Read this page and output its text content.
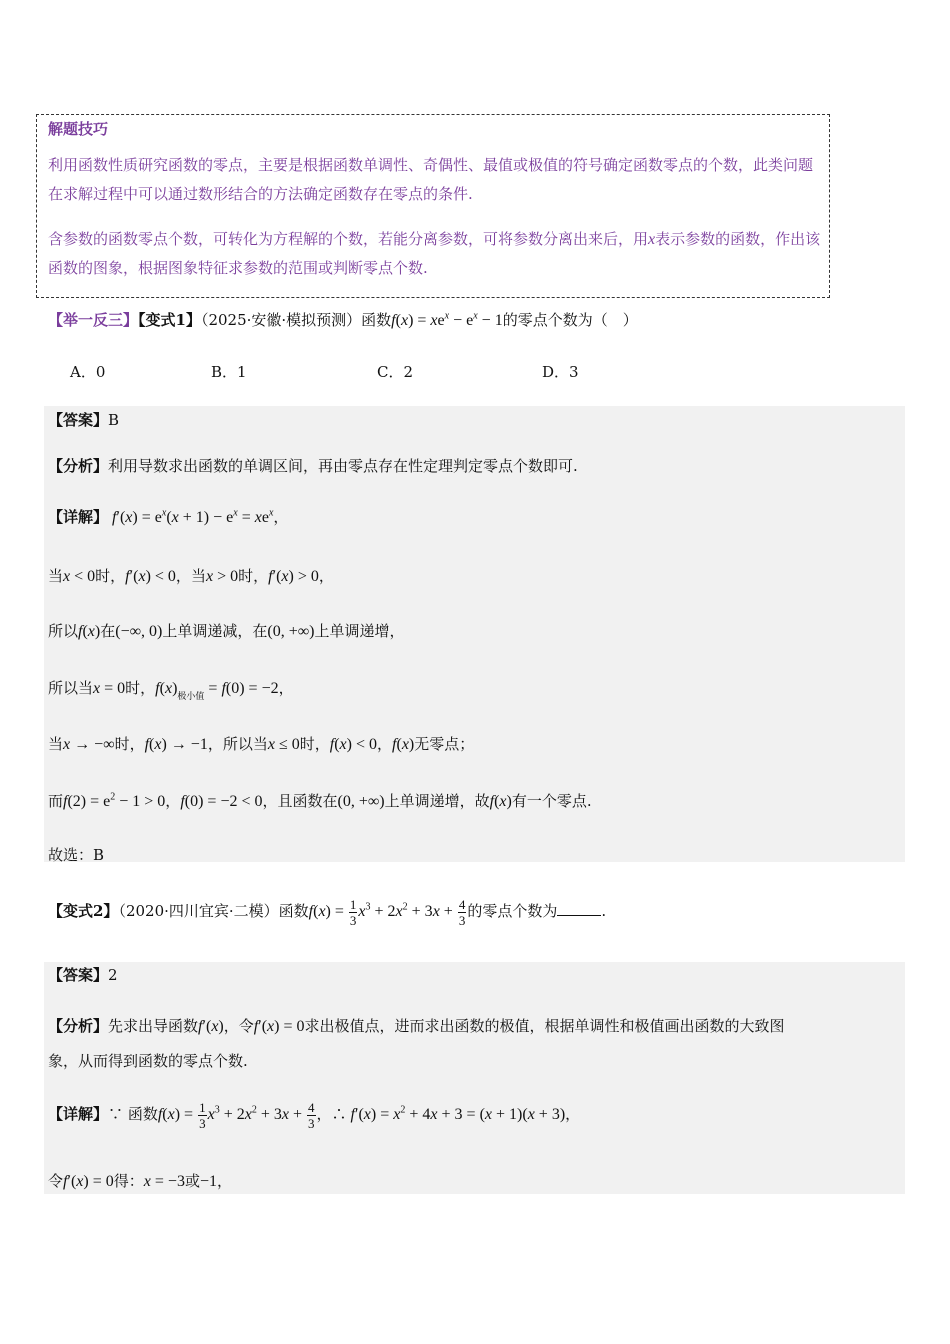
解题技巧
利用函数性质研究函数的零点，主要是根据函数单调性、奇偶性、最值或极值的符号确定函数零点的个数，此类问题在求解过程中可以通过数形结合的方法确定函数存在零点的条件.
含参数的函数零点个数，可转化为方程解的个数，若能分离参数，可将参数分离出来后，用x表示参数的函数，作出该函数的图象，根据图象特征求参数的范围或判断零点个数.
【举一反三】【变式1】（2025·安徽·模拟预测）函数$f(x) = xe^x - e^x - 1$的零点个数为（　）
A．0	B．1	C．2	D．3
【答案】B
【分析】利用导数求出函数的单调区间，再由零点存在性定理判定零点个数即可.
【详解】 $f'(x) = e^x(x + 1) - e^x = xe^x$，
当x < 0时，f′(x) < 0，当x > 0时，f′(x) > 0，
所以f(x)在(−∞, 0)上单调递减，在(0, +∞)上单调递增，
所以当x = 0时，$f(x)_{极小值} = f(0) = -2$，
当x → −∞时，f(x) → −1，所以当x ≤ 0时，f(x) < 0，f(x)无零点；
而$f(2) = e^2 - 1 > 0$，f(0) = −2 < 0，且函数在(0, +∞)上单调递增，故f(x)有一个零点.
故选：B
【变式2】（2020·四川宜宾·二模）函数$f(x) = \frac{1}{3} x^3 + 2x^2 + 3x + \frac{4}{3}$ 的零点个数为	.
【答案】2
【分析】先求出导函数f′(x)，令f′(x) = 0求出极值点，进而求出函数的极值，根据单调性和极值画出函数的大致图
象，从而得到函数的零点个数.
【详解】∵ 函数$f(x) = \frac{1}{3} x^3 + 2x^2 + 3x + \frac{4}{3}$ ，∴ $f'(x) = x^2 + 4x + 3 = (x + 1)(x + 3)$，
令f′(x) = 0得：x = −3或−1，
